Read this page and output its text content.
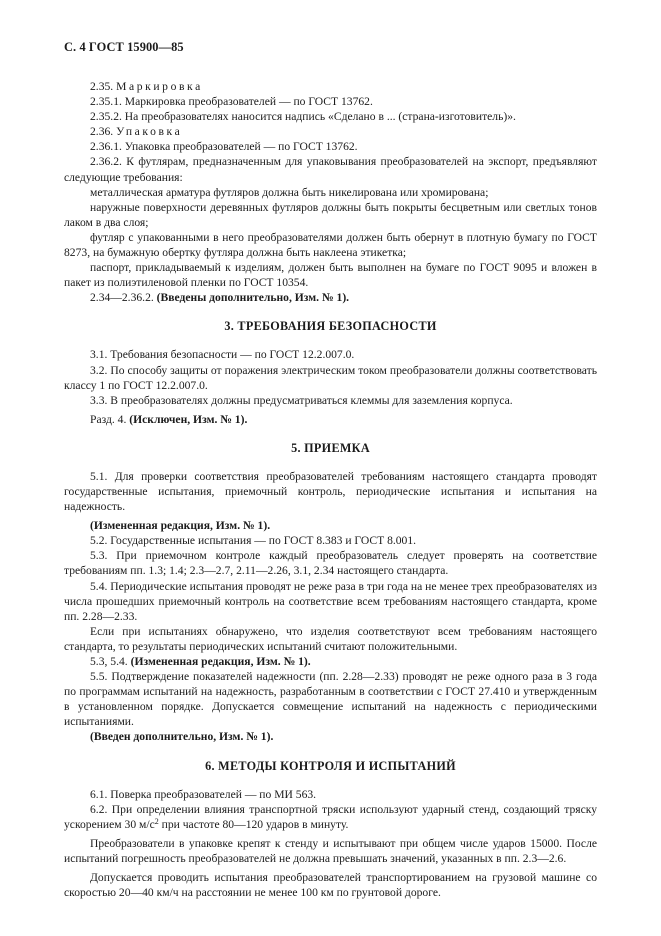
С. 4 ГОСТ 15900—85

2.35. Маркировка

2.35.1. Маркировка преобразователей — по ГОСТ 13762.

2.35.2. На преобразователях наносится надпись «Сделано в ... (страна-изготовитель)».

2.36. Упаковка

2.36.1. Упаковка преобразователей — по ГОСТ 13762.

2.36.2. К футлярам, предназначенным для упаковывания преобразователей на экспорт, предъявляют следующие требования:

металлическая арматура футляров должна быть никелирована или хромирована;

наружные поверхности деревянных футляров должны быть покрыты бесцветным или светлых тонов лаком в два слоя;

футляр с упакованными в него преобразователями должен быть обернут в плотную бумагу по ГОСТ 8273, на бумажную обертку футляра должна быть наклеена этикетка;

паспорт, прикладываемый к изделиям, должен быть выполнен на бумаге по ГОСТ 9095 и вложен в пакет из полиэтиленовой пленки по ГОСТ 10354.

2.34—2.36.2. (Введены дополнительно, Изм. № 1).

3. ТРЕБОВАНИЯ БЕЗОПАСНОСТИ

3.1. Требования безопасности — по ГОСТ 12.2.007.0.

3.2. По способу защиты от поражения электрическим током преобразователи должны соответствовать классу 1 по ГОСТ 12.2.007.0.

3.3. В преобразователях должны предусматриваться клеммы для заземления корпуса.

Разд. 4. (Исключен, Изм. № 1).

5. ПРИЕМКА

5.1. Для проверки соответствия преобразователей требованиям настоящего стандарта проводят государственные испытания, приемочный контроль, периодические испытания и испытания на надежность.

(Измененная редакция, Изм. № 1).

5.2. Государственные испытания — по ГОСТ 8.383 и ГОСТ 8.001.

5.3. При приемочном контроле каждый преобразователь следует проверять на соответствие требованиям пп. 1.3; 1.4; 2.3—2.7, 2.11—2.26, 3.1, 2.34 настоящего стандарта.

5.4. Периодические испытания проводят не реже раза в три года на не менее трех преобразователях из числа прошедших приемочный контроль на соответствие всем требованиям настоящего стандарта, кроме пп. 2.28—2.33.

Если при испытаниях обнаружено, что изделия соответствуют всем требованиям настоящего стандарта, то результаты периодических испытаний считают положительными.

5.3, 5.4. (Измененная редакция, Изм. № 1).

5.5. Подтверждение показателей надежности (пп. 2.28—2.33) проводят не реже одного раза в 3 года по программам испытаний на надежность, разработанным в соответствии с ГОСТ 27.410 и утвержденным в установленном порядке. Допускается совмещение испытаний на надежность с периодическими испытаниями.

(Введен дополнительно, Изм. № 1).

6. МЕТОДЫ КОНТРОЛЯ И ИСПЫТАНИЙ

6.1. Поверка преобразователей — по МИ 563.

6.2. При определении влияния транспортной тряски используют ударный стенд, создающий тряску ускорением 30 $м/с^2$ при частоте 80—120 ударов в минуту.

Преобразователи в упаковке крепят к стенду и испытывают при общем числе ударов 15000. После испытаний погрешность преобразователей не должна превышать значений, указанных в пп. 2.3—2.6.

Допускается проводить испытания преобразователей транспортированием на грузовой машине со скоростью 20—40 км/ч на расстоянии не менее 100 км по грунтовой дороге.
